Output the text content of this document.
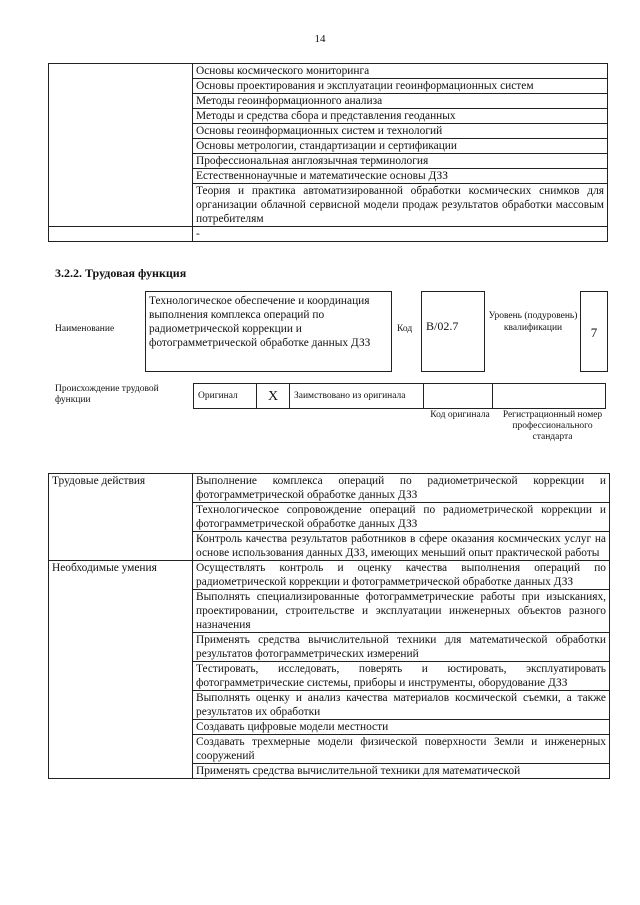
14
	Основы космического мониторинга
	Основы проектирования и эксплуатации геоинформационных систем
	Методы геоинформационного анализа
	Методы и средства сбора и представления геоданных
	Основы геоинформационных систем и технологий
	Основы метрологии, стандартизации и сертификации
	Профессиональная англоязычная терминология
	Естественнонаучные и математические основы ДЗЗ
	Теория и практика автоматизированной обработки космических снимков для организации облачной сервисной модели продаж результатов обработки массовым потребителям
	-
3.2.2. Трудовая функция
Наименование
Технологическое обеспечение и координация выполнения комплекса операций по радиометрической коррекции и фотограмметрической обработке данных ДЗЗ
Код	B/02.7
Уровень (подуровень) квалификации	7
Происхождение трудовой функции	Оригинал	X	Заимствовано из оригинала		
Код оригинала	Регистрационный номер профессионального стандарта
Трудовые действия	Выполнение комплекса операций по радиометрической коррекции и фотограмметрической обработке данных ДЗЗ
	Технологическое сопровождение операций по радиометрической коррекции и фотограмметрической обработке данных ДЗЗ
	Контроль качества результатов работников в сфере оказания космических услуг на основе использования данных ДЗЗ, имеющих меньший опыт практической работы
Необходимые умения	Осуществлять контроль и оценку качества выполнения операций по радиометрической коррекции и фотограмметрической обработке данных ДЗЗ
	Выполнять специализированные фотограмметрические работы при изысканиях, проектировании, строительстве и эксплуатации инженерных объектов разного назначения
	Применять средства вычислительной техники для математической обработки результатов фотограмметрических измерений
	Тестировать, исследовать, поверять и юстировать, эксплуатировать фотограмметрические системы, приборы и инструменты, оборудование ДЗЗ
	Выполнять оценку и анализ качества материалов космической съемки, а также результатов их обработки
	Создавать цифровые модели местности
	Создавать трехмерные модели физической поверхности Земли и инженерных сооружений
	Применять средства вычислительной техники для математической
